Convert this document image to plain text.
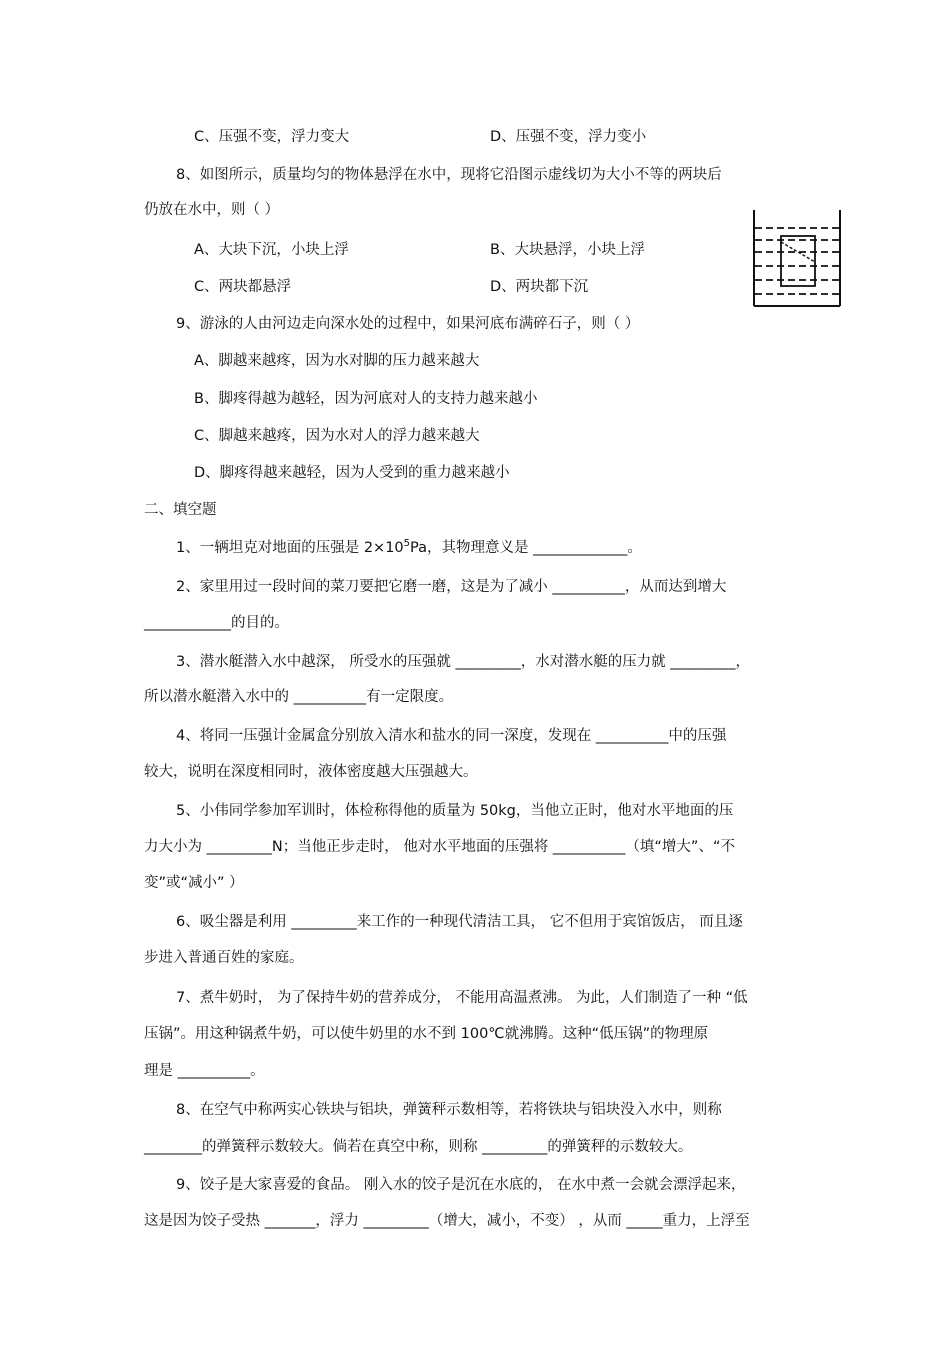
C、压强不变，浮力变大	D、压强不变，浮力变小
8、如图所示，质量均匀的物体悬浮在水中，现将它沿图示虚线切为大小不等的两块后
仍放在水中，则（ ）
A、大块下沉，小块上浮	B、大块悬浮，小块上浮
C、两块都悬浮	D、两块都下沉
9、游泳的人由河边走向深水处的过程中，如果河底布满碎石子，则（ ）
A、脚越来越疼，因为水对脚的压力越来越大
B、脚疼得越为越轻，因为河底对人的支持力越来越小
C、脚越来越疼，因为水对人的浮力越来越大
D、脚疼得越来越轻，因为人受到的重力越来越小
二、填空题
1、一辆坦克对地面的压强是 $2\times 10^5Pa$，其物理意义是 _____________。
2、家里用过一段时间的菜刀要把它磨一磨，这是为了减小 __________，从而达到增大
____________的目的。
3、潜水艇潜入水中越深， 所受水的压强就 _________，水对潜水艇的压力就 _________，
所以潜水艇潜入水中的 __________有一定限度。
4、将同一压强计金属盒分别放入清水和盐水的同一深度，发现在 __________中的压强
较大，说明在深度相同时，液体密度越大压强越大。
5、小伟同学参加军训时，体检称得他的质量为 50kg，当他立正时，他对水平地面的压
力大小为 _________N；当他正步走时， 他对水平地面的压强将 __________（填“增大”、“不
变”或“减小” ）
6、吸尘器是利用 _________来工作的一种现代清洁工具， 它不但用于宾馆饭店， 而且逐
步进入普通百姓的家庭。
7、煮牛奶时， 为了保持牛奶的营养成分， 不能用高温煮沸。 为此，人们制造了一种 “低
压锅”。用这种锅煮牛奶，可以使牛奶里的水不到 100℃就沸腾。这种“低压锅”的物理原
理是 __________。
8、在空气中称两实心铁块与铝块，弹簧秤示数相等，若将铁块与铝块没入水中，则称
________的弹簧秤示数较大。倘若在真空中称，则称 _________的弹簧秤的示数较大。
9、饺子是大家喜爱的食品。 刚入水的饺子是沉在水底的， 在水中煮一会就会漂浮起来，
这是因为饺子受热 _______，浮力 _________（增大，减小，不变） ，从而 _____重力，上浮至
